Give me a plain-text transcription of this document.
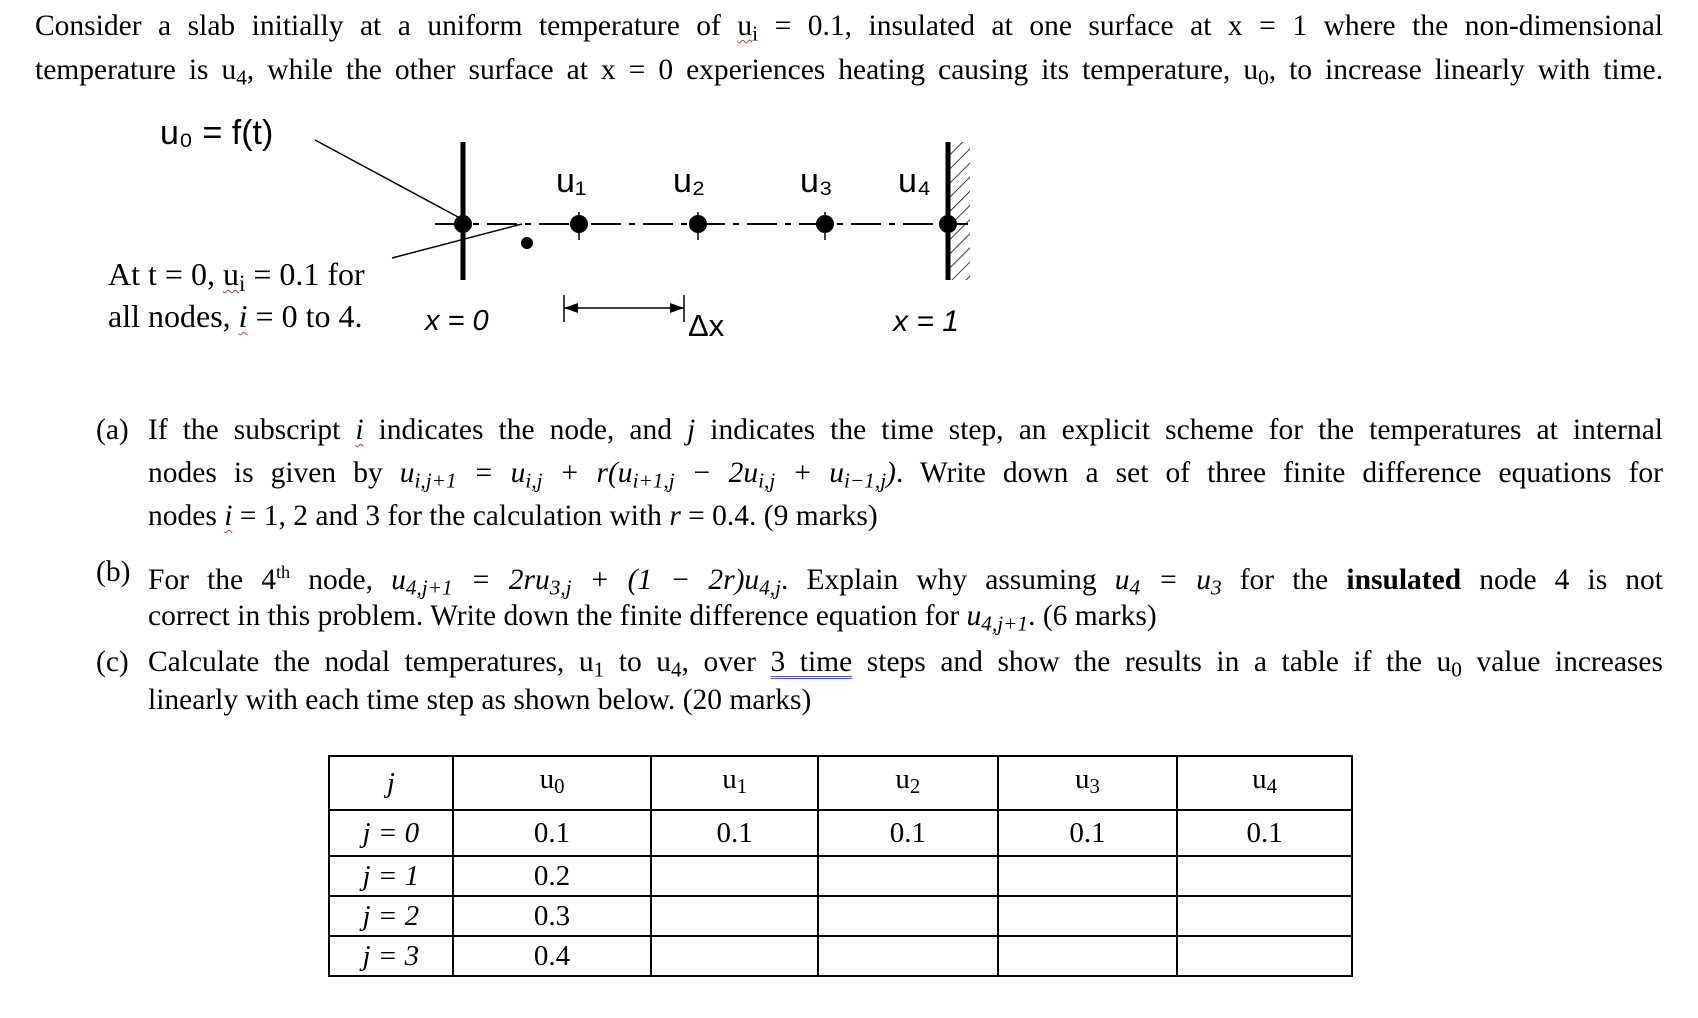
Consider a slab initially at a uniform temperature of $u_i = 0.1$, insulated at one surface at x = 1 where the non-dimensional
temperature is $u_4$, while the other surface at x = 0 experiences heating causing its temperature, $u_0$, to increase linearly with time.
u₀ = f(t)
u₁	u₂	u₃ u₄
At t = 0, $u_i = 0.1$ for
all nodes, i = 0 to 4. x = 0	Δx	x = 1
(a) If the subscript i indicates the node, and j indicates the time step, an explicit scheme for the temperatures at internal
nodes is given by $u_{i,j+1} = u_{i,j} + r(u_{i+1,j} - 2u_{i,j} + u_{i-1,j})$. Write down a set of three finite difference equations for
nodes i = 1, 2 and 3 for the calculation with r = 0.4. (9 marks)
(b) For the 4th node, $u_{4,j+1} = 2ru_{3,j} + (1 - 2r)u_{4,j}$. Explain why assuming $u_4 = u_3$ for the insulated node 4 is not
correct in this problem. Write down the finite difference equation for $u_{4,j+1}$. (6 marks)
(c) Calculate the nodal temperatures, $u_1$ to $u_4$, over 3 time steps and show the results in a table if the $u_0$ value increases
linearly with each time step as shown below. (20 marks)
j	$u_0$	$u_1$	$u_2$	$u_3$	$u_4$
j = 0	0.1	0.1	0.1	0.1	0.1
j = 1	0.2				
j = 2	0.3				
j = 3	0.4				
